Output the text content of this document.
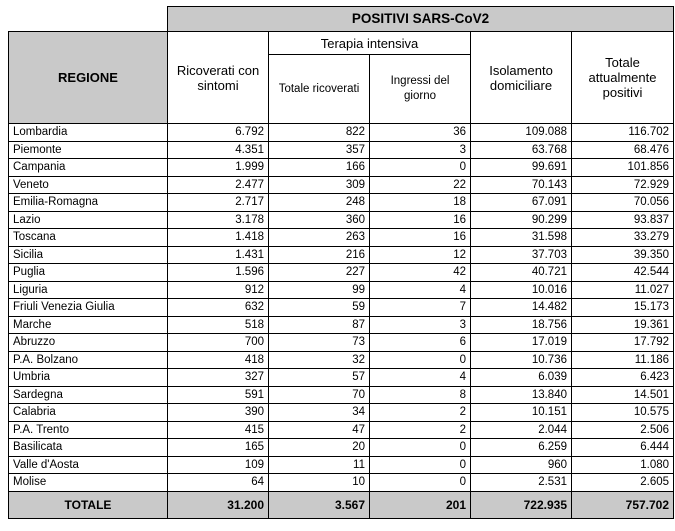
	POSITIVI SARS-CoV2				
REGIONE	Ricoverati con sintomi	Terapia intensiva		Isolamento domiciliare	Totale attualmente positivi
		Totale ricoverati	Ingressi del giorno		
Lombardia	6.792	822	36	109.088	116.702
Piemonte	4.351	357	3	63.768	68.476
Campania	1.999	166	0	99.691	101.856
Veneto	2.477	309	22	70.143	72.929
Emilia-Romagna	2.717	248	18	67.091	70.056
Lazio	3.178	360	16	90.299	93.837
Toscana	1.418	263	16	31.598	33.279
Sicilia	1.431	216	12	37.703	39.350
Puglia	1.596	227	42	40.721	42.544
Liguria	912	99	4	10.016	11.027
Friuli Venezia Giulia	632	59	7	14.482	15.173
Marche	518	87	3	18.756	19.361
Abruzzo	700	73	6	17.019	17.792
P.A. Bolzano	418	32	0	10.736	11.186
Umbria	327	57	4	6.039	6.423
Sardegna	591	70	8	13.840	14.501
Calabria	390	34	2	10.151	10.575
P.A. Trento	415	47	2	2.044	2.506
Basilicata	165	20	0	6.259	6.444
Valle d'Aosta	109	11	0	960	1.080
Molise	64	10	0	2.531	2.605
TOTALE	31.200	3.567	201	722.935	757.702
